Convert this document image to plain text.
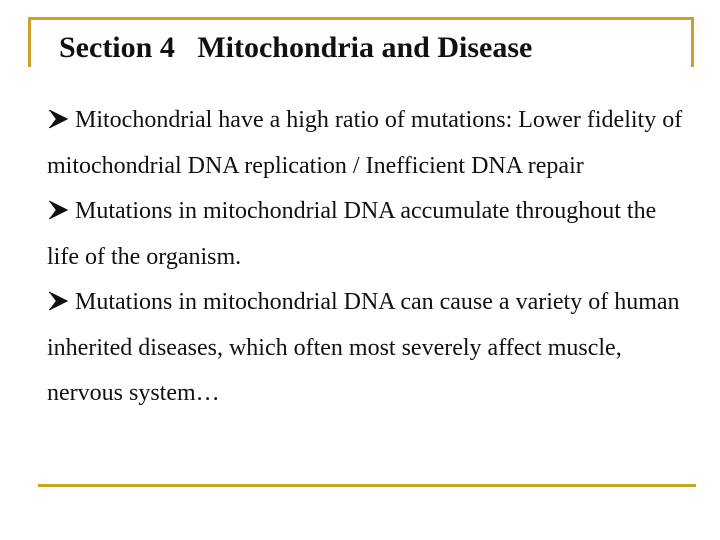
Section 4   Mitochondria and Disease

Mitochondrial have a high ratio of mutations: Lower fidelity of mitochondrial DNA replication / Inefficient DNA repair

Mutations in mitochondrial DNA accumulate throughout the life of the organism.

Mutations in mitochondrial DNA can cause a variety of human inherited diseases, which often most severely affect muscle, nervous system…
